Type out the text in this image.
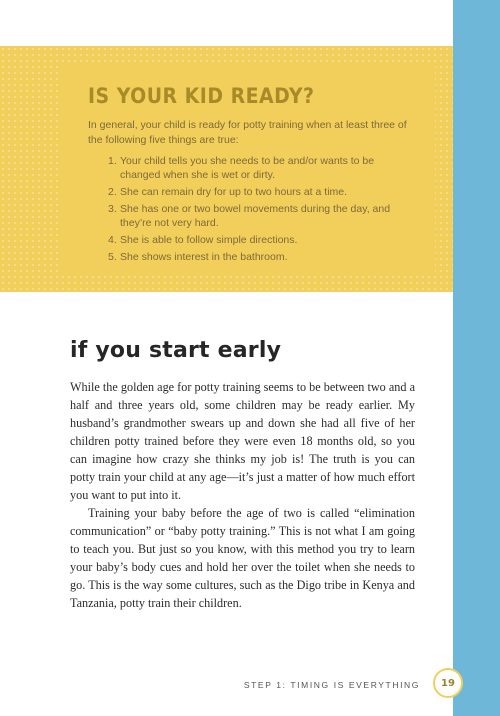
IS YOUR KID READY?

In general, your child is ready for potty training when at least three of the following five things are true:

1. Your child tells you she needs to be and/or wants to be changed when she is wet or dirty.
2. She can remain dry for up to two hours at a time.
3. She has one or two bowel movements during the day, and they’re not very hard.
4. She is able to follow simple directions.
5. She shows interest in the bathroom.
if you start early

While the golden age for potty training seems to be between two and a half and three years old, some children may be ready earlier. My husband’s grandmother swears up and down she had all five of her children potty trained before they were even 18 months old, so you can imagine how crazy she thinks my job is! The truth is you can potty train your child at any age—it’s just a matter of how much effort you want to put into it.

Training your baby before the age of two is called “elimination communication” or “baby potty training.” This is not what I am going to teach you. But just so you know, with this method you try to learn your baby’s body cues and hold her over the toilet when she needs to go. This is the way some cultures, such as the Digo tribe in Kenya and Tanzania, potty train their children.

STEP 1: TIMING IS EVERYTHING	19
